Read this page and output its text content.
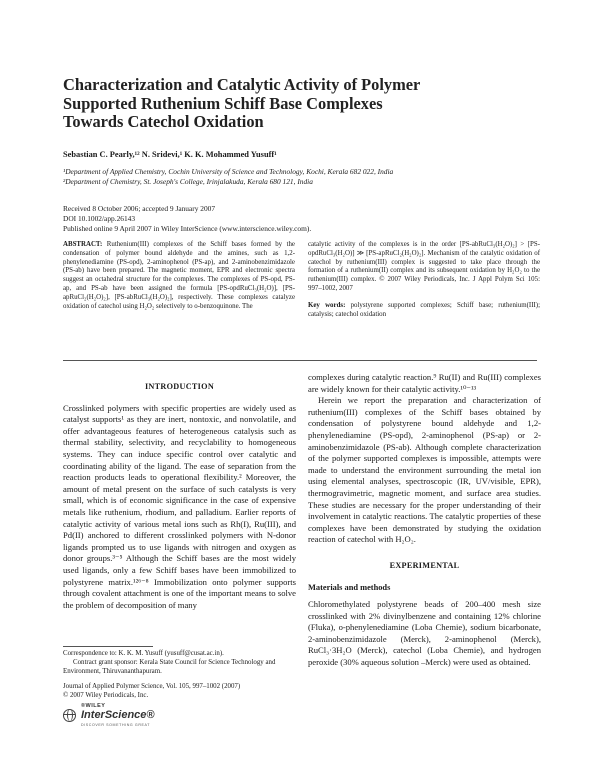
Characterization and Catalytic Activity of Polymer
Supported Ruthenium Schiff Base Complexes
Towards Catechol Oxidation
Sebastian C. Pearly,¹² N. Sridevi,¹ K. K. Mohammed Yusuff¹
¹Department of Applied Chemistry, Cochin University of Science and Technology, Kochi, Kerala 682 022, India
²Department of Chemistry, St. Joseph's College, Irinjalakuda, Kerala 680 121, India
Received 8 October 2006; accepted 9 January 2007
DOI 10.1002/app.26143
Published online 9 April 2007 in Wiley InterScience (www.interscience.wiley.com).

ABSTRACT: Ruthenium(III) complexes of the Schiff bases formed by the condensation of polymer bound aldehyde and the amines, such as 1,2-phenylenediamine (PS-opd), 2-aminophenol (PS-ap), and 2-aminobenzimidazole (PS-ab) have been prepared. The magnetic moment, EPR and electronic spectra suggest an octahedral structure for the complexes. The complexes of PS-opd, PS-ap, and PS-ab have been assigned the formula [PS-opdRuCl₃(H₂O)], [PS-apRuCl₂(H₂O)₂], [PS-abRuCl₃(H₂O)₂], respectively. These complexes catalyze oxidation of catechol using H₂O₂ selectively to o-benzoquinone. The

catalytic activity of the complexes is in the order [PS-abRuCl₃(H₂O)₂] > [PS-opdRuCl₃(H₂O)] ≫ [PS-apRuCl₂(H₂O)₂]. Mechanism of the catalytic oxidation of catechol by ruthenium(III) complex is suggested to take place through the formation of a ruthenium(II) complex and its subsequent oxidation by H₂O₂ to the ruthenium(III) complex. © 2007 Wiley Periodicals, Inc. J Appl Polym Sci 105: 997–1002, 2007

Key words: polystyrene supported complexes; Schiff base; ruthenium(III); catalysis; catechol oxidation

INTRODUCTION

Crosslinked polymers with specific properties are widely used as catalyst supports¹ as they are inert, nontoxic, and nonvolatile, and offer advantageous features of heterogeneous catalysis such as thermal stability, selectivity, and recyclability to homogeneous systems. They can induce specific control over catalytic and coordinating ability of the ligand. The ease of separation from the reaction products leads to operational flexibility.² Moreover, the amount of metal present on the surface of such catalysts is very small, which is of economic significance in the case of expensive metals like ruthenium, rhodium, and palladium. Earlier reports of catalytic activity of various metal ions such as Rh(I), Ru(III), and Pd(II) anchored to different crosslinked polymers with N-donor ligands prompted us to use ligands with nitrogen and oxygen as donor groups.³⁻⁵ Although the Schiff bases are the most widely used ligands, only a few Schiff bases have been immobilized to polystyrene matrix.¹²⁶⁻⁸ Immobilization onto polymer supports through covalent attachment is one of the important means to solve the problem of decomposition of many

complexes during catalytic reaction.⁹ Ru(II) and Ru(III) complexes are widely known for their catalytic activity.¹⁰⁻¹³

Herein we report the preparation and characterization of ruthenium(III) complexes of the Schiff bases obtained by condensation of polystyrene bound aldehyde and 1,2-phenylenediamine (PS-opd), 2-aminophenol (PS-ap) or 2-aminobenzimidazole (PS-ab). Although complete characterization of the polymer supported complexes is impossible, attempts were made to understand the environment surrounding the metal ion using elemental analyses, spectroscopic (IR, UV/visible, EPR), thermogravimetric, magnetic moment, and surface area studies. These studies are necessary for the proper understanding of their involvement in catalytic reactions. The catalytic properties of these complexes have been demonstrated by studying the oxidation reaction of catechol with H₂O₂.

EXPERIMENTAL
Materials and methods

Chloromethylated polystyrene beads of 200–400 mesh size crosslinked with 2% divinylbenzene and containing 12% chlorine (Fluka), o-phenylenediamine (Loba Chemie), sodium bicarbonate, 2-aminobenzimidazole (Merck), 2-aminophenol (Merck), RuCl₃·3H₂O (Merck), catechol (Loba Chemie), and hydrogen peroxide (30% aqueous solution –Merck) were used as obtained.

Correspondence to: K. K. M. Yusuff (yusuff@cusat.ac.in).
Contract grant sponsor: Kerala State Council for Science Technology and Environment, Thiruvananthapuram.
Journal of Applied Polymer Science, Vol. 105, 997–1002 (2007)
© 2007 Wiley Periodicals, Inc.
®WILEY
InterScience®
DISCOVER SOMETHING GREAT
